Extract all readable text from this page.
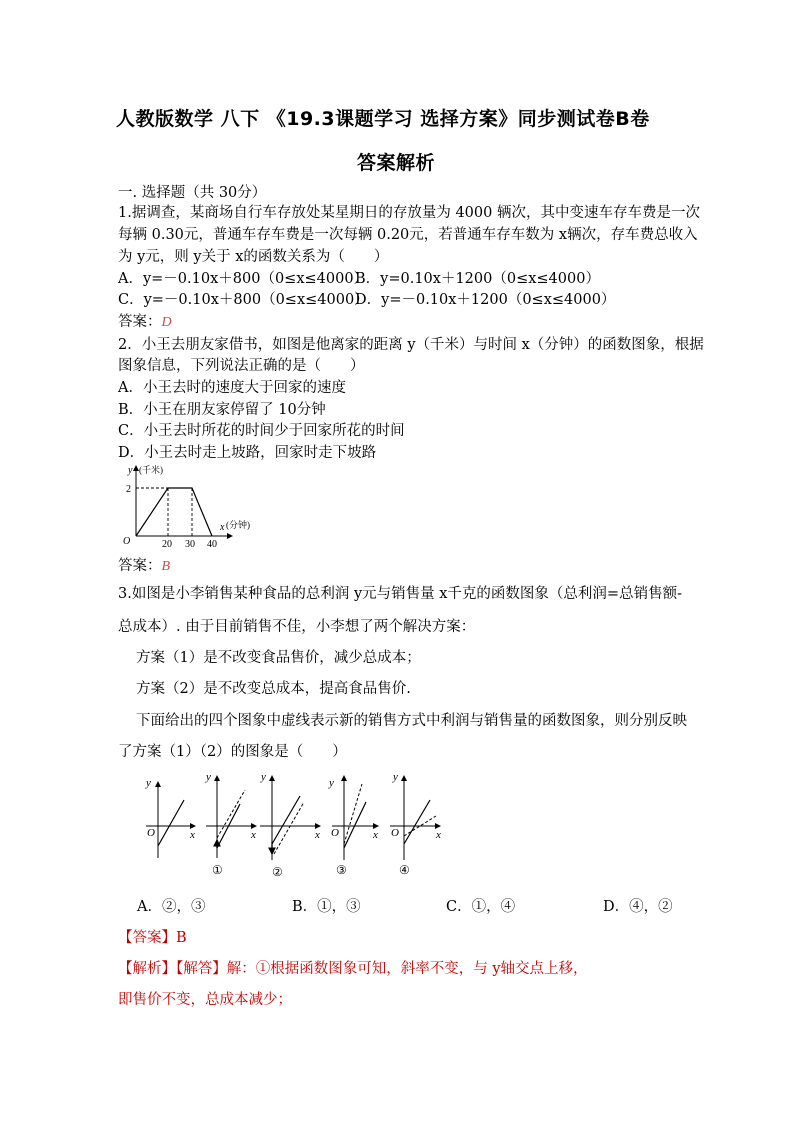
人教版数学 八下 《19.3课题学习 选择方案》同步测试卷B卷
答案解析
一. 选择题（共 30分）
1.据调查，某商场自行车存放处某星期日的存放量为 4000 辆次，其中变速车存车费是一次
每辆 0.30元，普通车存车费是一次每辆 0.20元，若普通车存车数为 x辆次，存车费总收入
为 y元，则 y关于 x的函数关系为（　　）
A．y=－0.10x＋800（0≤x≤4000）
B．y=0.10x＋1200（0≤x≤4000）
C．y=－0.10x＋800（0≤x≤4000）
D．y=－0.10x＋1200（0≤x≤4000）
答案：D
2．小王去朋友家借书，如图是他离家的距离 y（千米）与时间 x（分钟）的函数图象，根据
图象信息，下列说法正确的是（　　）
A．小王去时的速度大于回家的速度
B．小王在朋友家停留了 10分钟
C．小王去时所花的时间少于回家所花的时间
D．小王去时走上坡路，回家时走下坡路
y (千米)
2
O
x (分钟)
20 30 40
答案：B
3.如图是小李销售某种食品的总利润 y元与销售量 x千克的函数图象（总利润=总销售额-
总成本）. 由于目前销售不佳，小李想了两个解决方案：
方案（1）是不改变食品售价，减少总成本；
方案（2）是不改变总成本，提高食品售价.
下面给出的四个图象中虚线表示新的销售方式中利润与销售量的函数图象，则分别反映
了方案（1）（2）的图象是（　　）
y
O	x
y
x
①
y
x
②
y
O	x
③
y
O	x
④
A．②，③	B．①，③	C．①，④	D．④，②
【答案】B
【解析】【解答】解：①根据函数图象可知，斜率不变，与 y轴交点上移，
即售价不变，总成本减少；
